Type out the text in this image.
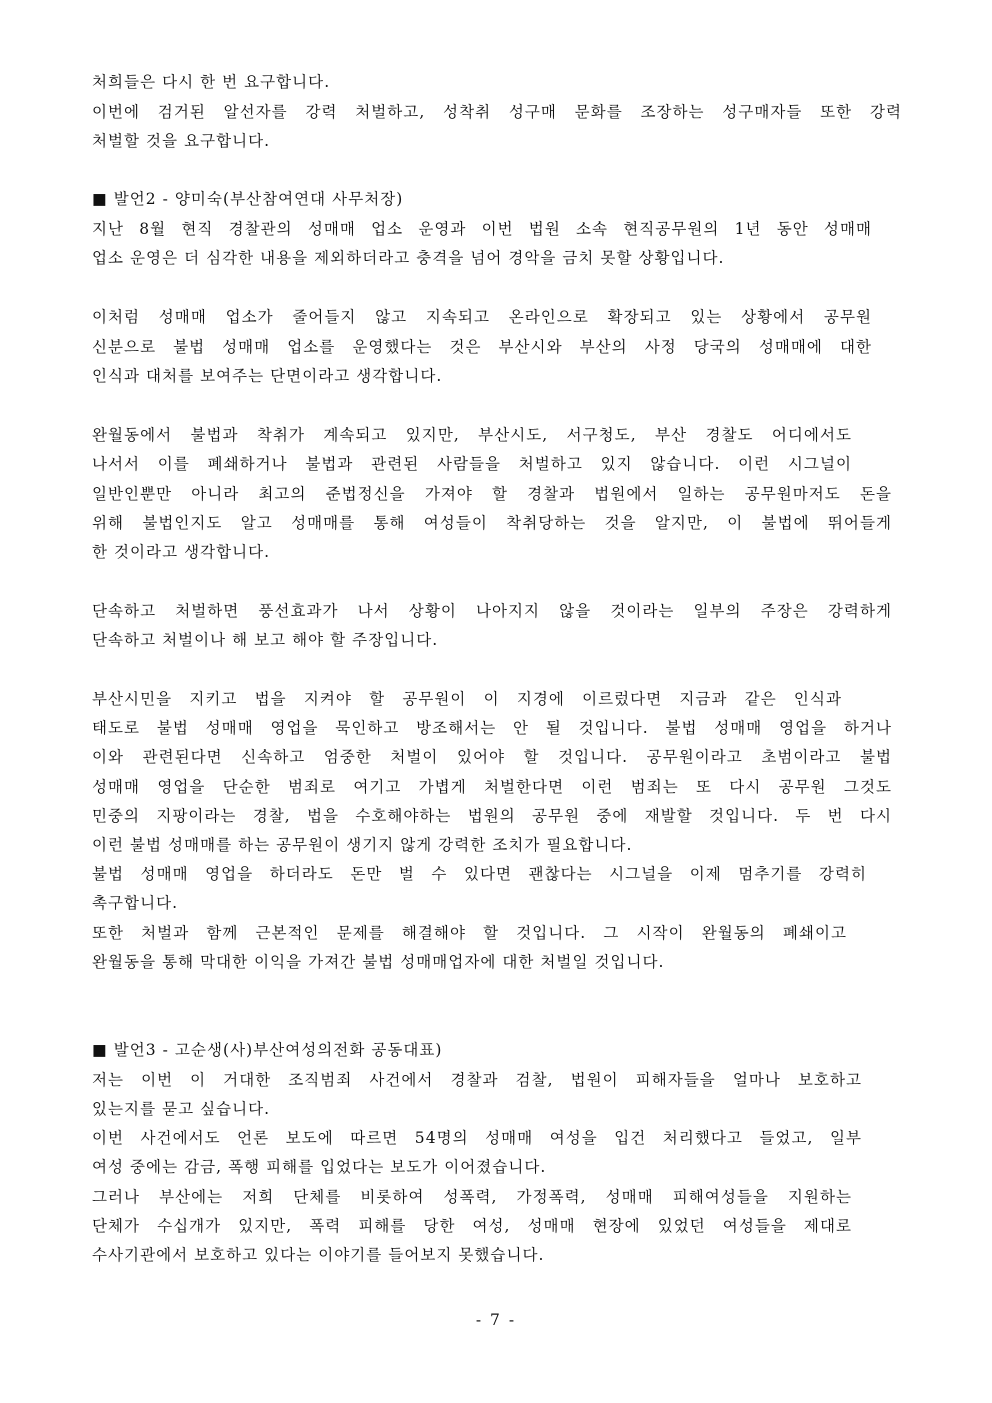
처희들은 다시 한 번 요구합니다.
이번에 검거된 알선자를 강력 처벌하고, 성착취 성구매 문화를 조장하는 성구매자들 또한 강력
처벌할 것을 요구합니다.
■ 발언2 - 양미숙(부산참여연대 사무처장)
지난 8월 현직 경찰관의 성매매 업소 운영과 이번 법원 소속 현직공무원의 1년 동안 성매매
업소 운영은 더 심각한 내용을 제외하더라고 충격을 넘어 경악을 금치 못할 상황입니다.
이처럼 성매매 업소가 줄어들지 않고 지속되고 온라인으로 확장되고 있는 상황에서 공무원
신분으로 불법 성매매 업소를 운영했다는 것은 부산시와 부산의 사정 당국의 성매매에 대한
인식과 대처를 보여주는 단면이라고 생각합니다.
완월동에서 불법과 착취가 계속되고 있지만, 부산시도, 서구청도, 부산 경찰도 어디에서도
나서서 이를 폐쇄하거나 불법과 관련된 사람들을 처벌하고 있지 않습니다. 이런 시그널이
일반인뿐만 아니라 최고의 준법정신을 가져야 할 경찰과 법원에서 일하는 공무원마저도 돈을
위해 불법인지도 알고 성매매를 통해 여성들이 착취당하는 것을 알지만, 이 불법에 뛰어들게
한 것이라고 생각합니다.
단속하고 처벌하면 풍선효과가 나서 상황이 나아지지 않을 것이라는 일부의 주장은 강력하게
단속하고 처벌이나 해 보고 해야 할 주장입니다.
부산시민을 지키고 법을 지켜야 할 공무원이 이 지경에 이르렀다면 지금과 같은 인식과
태도로 불법 성매매 영업을 묵인하고 방조해서는 안 될 것입니다. 불법 성매매 영업을 하거나
이와 관련된다면 신속하고 엄중한 처벌이 있어야 할 것입니다. 공무원이라고 초범이라고 불법
성매매 영업을 단순한 범죄로 여기고 가볍게 처벌한다면 이런 범죄는 또 다시 공무원 그것도
민중의 지팡이라는 경찰, 법을 수호해야하는 법원의 공무원 중에 재발할 것입니다. 두 번 다시
이런 불법 성매매를 하는 공무원이 생기지 않게 강력한 조치가 필요합니다.
불법 성매매 영업을 하더라도 돈만 벌 수 있다면 괜찮다는 시그널을 이제 멈추기를 강력히
촉구합니다.
또한 처벌과 함께 근본적인 문제를 해결해야 할 것입니다. 그 시작이 완월동의 폐쇄이고
완월동을 통해 막대한 이익을 가져간 불법 성매매업자에 대한 처벌일 것입니다.
■ 발언3 - 고순생(사)부산여성의전화 공동대표)
저는 이번 이 거대한 조직범죄 사건에서 경찰과 검찰, 법원이 피해자들을 얼마나 보호하고
있는지를 묻고 싶습니다.
이번 사건에서도 언론 보도에 따르면 54명의 성매매 여성을 입건 처리했다고 들었고, 일부
여성 중에는 감금, 폭행 피해를 입었다는 보도가 이어졌습니다.
그러나 부산에는 저희 단체를 비롯하여 성폭력, 가정폭력, 성매매 피해여성들을 지원하는
단체가 수십개가 있지만, 폭력 피해를 당한 여성, 성매매 현장에 있었던 여성들을 제대로
수사기관에서 보호하고 있다는 이야기를 들어보지 못했습니다.
- 7 -
